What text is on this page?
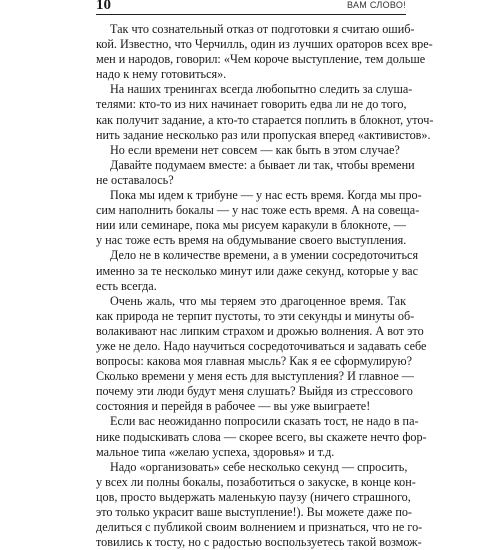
10	ВАМ СЛОВО!

Так что сознательный отказ от подготовки я считаю ошиб-
кой. Известно, что Черчилль, один из лучших ораторов всех вре-
мен и народов, говорил: «Чем короче выступление, тем дольше
надо к нему готовиться».

На наших тренингах всегда любопытно следить за слуша-
телями: кто-то из них начинает говорить едва ли не до того,
как получит задание, а кто-то старается поплить в блокнот, уточ-
нить задание несколько раз или пропуская вперед «активистов».

Но если времени нет совсем — как быть в этом случае?

Давайте подумаем вместе: а бывает ли так, чтобы времени
не оставалось?

Пока мы идем к трибуне — у нас есть время. Когда мы про-
сим наполнить бокалы — у нас тоже есть время. А на совеща-
нии или семинаре, пока мы рисуем каракули в блокноте, —
у нас тоже есть время на обдумывание своего выступления.

Дело не в количестве времени, а в умении сосредоточиться
именно за те несколько минут или даже секунд, которые у вас
есть всегда.

Очень жаль, что мы теряем это драгоценное время. Так
как природа не терпит пустоты, то эти секунды и минуты об-
волакивают нас липким страхом и дрожью волнения. А вот это
уже не дело. Надо научиться сосредоточиваться и задавать себе
вопросы: какова моя главная мысль? Как я ее сформулирую?
Сколько времени у меня есть для выступления? И главное —
почему эти люди будут меня слушать? Выйдя из стрессового
состояния и перейдя в рабочее — вы уже выиграете!

Если вас неожиданно попросили сказать тост, не надо в па-
нике подыскивать слова — скорее всего, вы скажете нечто фор-
мальное типа «желаю успеха, здоровья» и т.д.

Надо «организовать» себе несколько секунд — спросить,
у всех ли полны бокалы, позаботиться о закуске, в конце кон-
цов, просто выдержать маленькую паузу (ничего страшного,
это только украсит ваше выступление!). Вы можете даже по-
делиться с публикой своим волнением и признаться, что не го-
товились к тосту, но с радостью воспользуетесь такой возмож-
